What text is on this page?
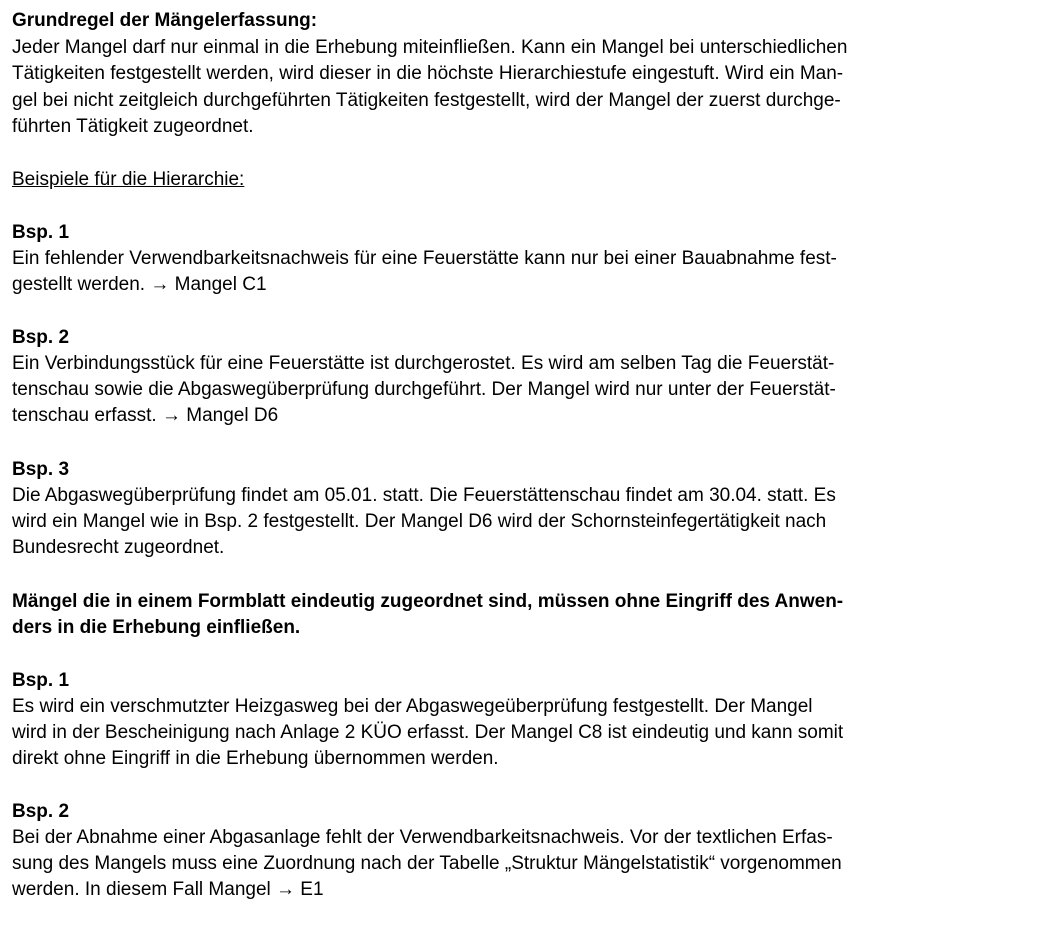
Grundregel der Mängelerfassung:

Jeder Mangel darf nur einmal in die Erhebung miteinfließen. Kann ein Mangel bei unterschiedlichen

Tätigkeiten festgestellt werden, wird dieser in die höchste Hierarchiestufe eingestuft. Wird ein Man-

gel bei nicht zeitgleich durchgeführten Tätigkeiten festgestellt, wird der Mangel der zuerst durchge-

führten Tätigkeit zugeordnet.

Beispiele für die Hierarchie:

Bsp. 1

Ein fehlender Verwendbarkeitsnachweis für eine Feuerstätte kann nur bei einer Bauabnahme fest-

gestellt werden. → Mangel C1

Bsp. 2

Ein Verbindungsstück für eine Feuerstätte ist durchgerostet. Es wird am selben Tag die Feuerstät-

tenschau sowie die Abgaswegüberprüfung durchgeführt. Der Mangel wird nur unter der Feuerstät-

tenschau erfasst. → Mangel D6

Bsp. 3

Die Abgaswegüberprüfung findet am 05.01. statt. Die Feuerstättenschau findet am 30.04. statt. Es

wird ein Mangel wie in Bsp. 2 festgestellt. Der Mangel D6 wird der Schornsteinfegertätigkeit nach

Bundesrecht zugeordnet.

Mängel die in einem Formblatt eindeutig zugeordnet sind, müssen ohne Eingriff des Anwen-

ders in die Erhebung einfließen.

Bsp. 1

Es wird ein verschmutzter Heizgasweg bei der Abgaswegeüberprüfung festgestellt. Der Mangel

wird in der Bescheinigung nach Anlage 2 KÜO erfasst. Der Mangel C8 ist eindeutig und kann somit

direkt ohne Eingriff in die Erhebung übernommen werden.

Bsp. 2

Bei der Abnahme einer Abgasanlage fehlt der Verwendbarkeitsnachweis. Vor der textlichen Erfas-

sung des Mangels muss eine Zuordnung nach der Tabelle „Struktur Mängelstatistik“ vorgenommen

werden. In diesem Fall Mangel → E1
